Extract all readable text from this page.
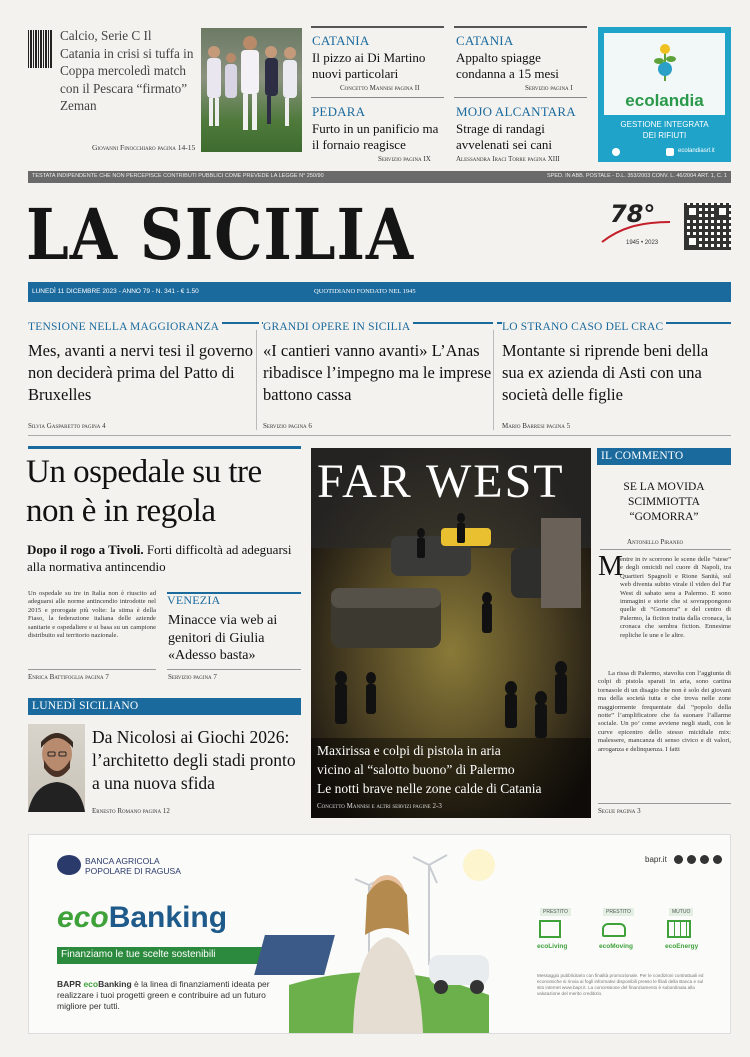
Calcio, Serie C Il Catania in crisi si tuffa in Coppa mercoledì match con il Pescara “firmato” Zeman
Giovanni Finocchiaro pagina 14-15
CATANIA
Il pizzo ai Di Martino nuovi particolari
Concetto Mannisi pagina II
CATANIA
Appalto spiagge condanna a 15 mesi
Servizio pagina I
PEDARA
Furto in un panificio ma il fornaio reagisce
Servizio pagina IX
MOJO ALCANTARA
Strage di randagi avvelenati sei cani
Alessandra Iraci Torre pagina XIII
ecolandia
GESTIONE INTEGRATA
DEI RIFIUTI
ecolandiasrl.it
TESTATA INDIPENDENTE CHE NON PERCEPISCE CONTRIBUTI PUBBLICI COME PREVEDE LA LEGGE N° 250/90	SPED. IN ABB. POSTALE - D.L. 353/2003 CONV. L. 46/2004 ART. 1, C. 1
LA SICILIA	78°
1945 • 2023
LUNEDÌ 11 DICEMBRE 2023 - ANNO 79 - N. 341 - € 1.50	QUOTIDIANO FONDATO NEL 1945
TENSIONE NELLA MAGGIORANZA
Mes, avanti a nervi tesi il governo non deciderà prima del Patto di Bruxelles
Silvia Gasparetto pagina 4
GRANDI OPERE IN SICILIA
«I cantieri vanno avanti» L’Anas ribadisce l’impegno ma le imprese battono cassa
Servizio pagina 6
LO STRANO CASO DEL CRAC
Montante si riprende beni della sua ex azienda di Asti con una società delle figlie
Mario Barresi pagina 5
Un ospedale su tre non è in regola
Dopo il rogo a Tivoli. Forti difficoltà ad adeguarsi alla normativa antincendio
Un ospedale su tre in Italia non è riuscito ad adeguarsi alle norme antincendio introdotte nel 2015 e prorogate più volte: la stima è della Fiaso, la federazione italiana delle aziende sanitarie e ospedaliere e si basa su un campione distribuito sul territorio nazionale.
Enrica Battifoglia pagina 7
VENEZIA
Minacce via web ai genitori di Giulia «Adesso basta»
Servizio pagina 7
LUNEDÌ SICILIANO
Da Nicolosi ai Giochi 2026: l’architetto degli stadi pronto a una nuova sfida
Ernesto Romano pagina 12
FAR WEST
Maxirissa e colpi di pistola in aria
vicino al “salotto buono” di Palermo
Le notti brave nelle zone calde di Catania
Concetto Mannisi e altri servizi pagine 2-3
IL COMMENTO
SE LA MOVIDA SCIMMIOTTA “GOMORRA”
Antonello Piraneo
M
entre in tv scorrono le scene delle “stese” e degli omicidi nel cuore di Napoli, tra Quartieri Spagnoli e Rione Sanità, sul web diventa subito virale il video del Far West di sabato sera a Palermo. E sono immagini e storie che si sovrappongono quelle di “Gomorra” e del centro di Palermo, la fiction tratta dalla cronaca, la cronaca che sembra fiction. Ennesime repliche le une e le altre.
La rissa di Palermo, stavolta con l’aggiunta di colpi di pistola sparati in aria, sono cartina tornasole di un disagio che non è solo dei giovani ma della società tutta e che trova nelle zone maggiormente frequentate dal “popolo della notte” l’amplificatore che fa suonare l’allarme sociale. Un po’ come avviene negli stadi, con le curve epicentro dello stesso micidiale mix: malessere, mancanza di senso civico e di valori, arroganza e delinquenza. I fatti
Segue pagina 3
BANCA AGRICOLA
POPOLARE DI RAGUSA
ecoBanking
Finanziamo le tue scelte sostenibili
BAPR ecoBanking è la linea di finanziamenti ideata per realizzare i tuoi progetti green e contribuire ad un futuro migliore per tutti.
bapr.it
PRESTITO
ecoLiving
PRESTITO
ecoMoving
MUTUO
ecoEnergy
Messaggio pubblicitario con finalità promozionale. Per le condizioni contrattuali ed economiche si rinvia ai fogli informativi disponibili presso le filiali della Banca e sul sito internet www.bapr.it. La concessione del finanziamento è subordinata alla valutazione del merito creditizio.
